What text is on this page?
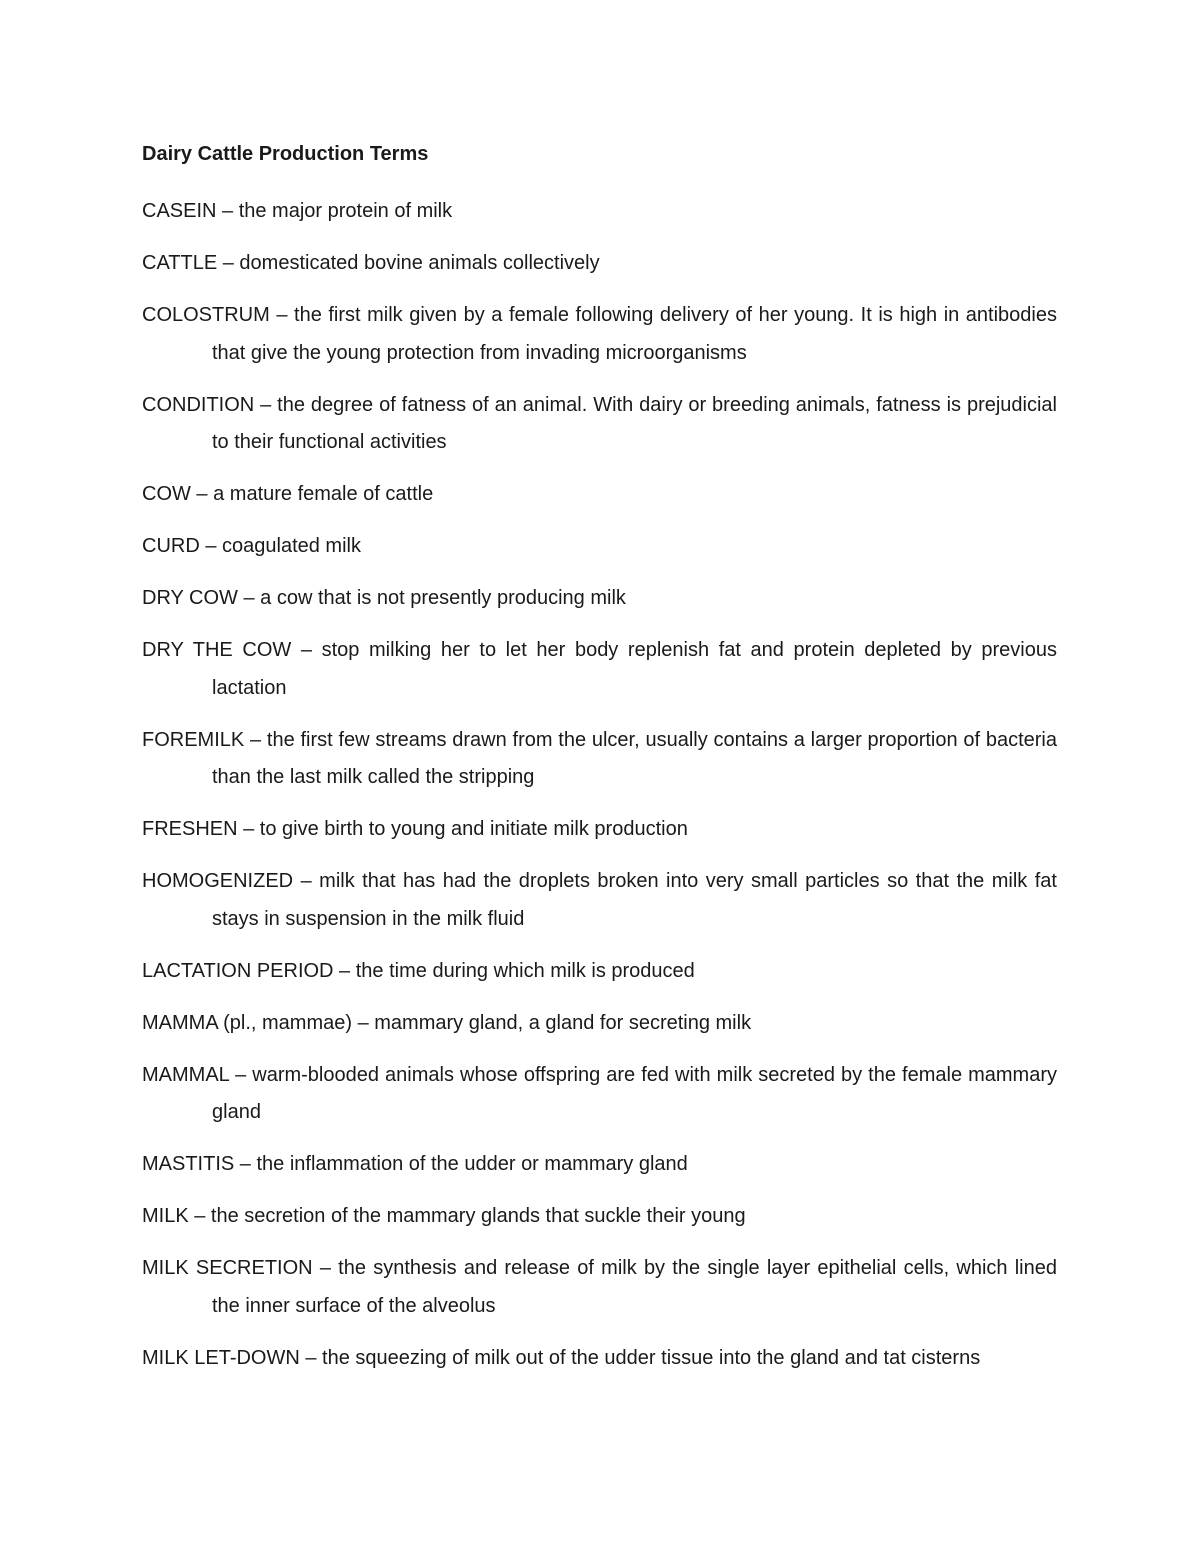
Dairy Cattle Production Terms

CASEIN – the major protein of milk

CATTLE – domesticated bovine animals collectively

COLOSTRUM – the first milk given by a female following delivery of her young. It is high in antibodies that give the young protection from invading microorganisms

CONDITION – the degree of fatness of an animal. With dairy or breeding animals, fatness is prejudicial to their functional activities

COW – a mature female of cattle

CURD – coagulated milk

DRY COW – a cow that is not presently producing milk

DRY THE COW – stop milking her to let her body replenish fat and protein depleted by previous lactation

FOREMILK – the first few streams drawn from the ulcer, usually contains a larger proportion of bacteria than the last milk called the stripping

FRESHEN – to give birth to young and initiate milk production

HOMOGENIZED – milk that has had the droplets broken into very small particles so that the milk fat stays in suspension in the milk fluid

LACTATION PERIOD – the time during which milk is produced

MAMMA (pl., mammae) – mammary gland, a gland for secreting milk

MAMMAL – warm-blooded animals whose offspring are fed with milk secreted by the female mammary gland

MASTITIS – the inflammation of the udder or mammary gland

MILK – the secretion of the mammary glands that suckle their young

MILK SECRETION – the synthesis and release of milk by the single layer epithelial cells, which lined the inner surface of the alveolus

MILK LET-DOWN – the squeezing of milk out of the udder tissue into the gland and tat cisterns
